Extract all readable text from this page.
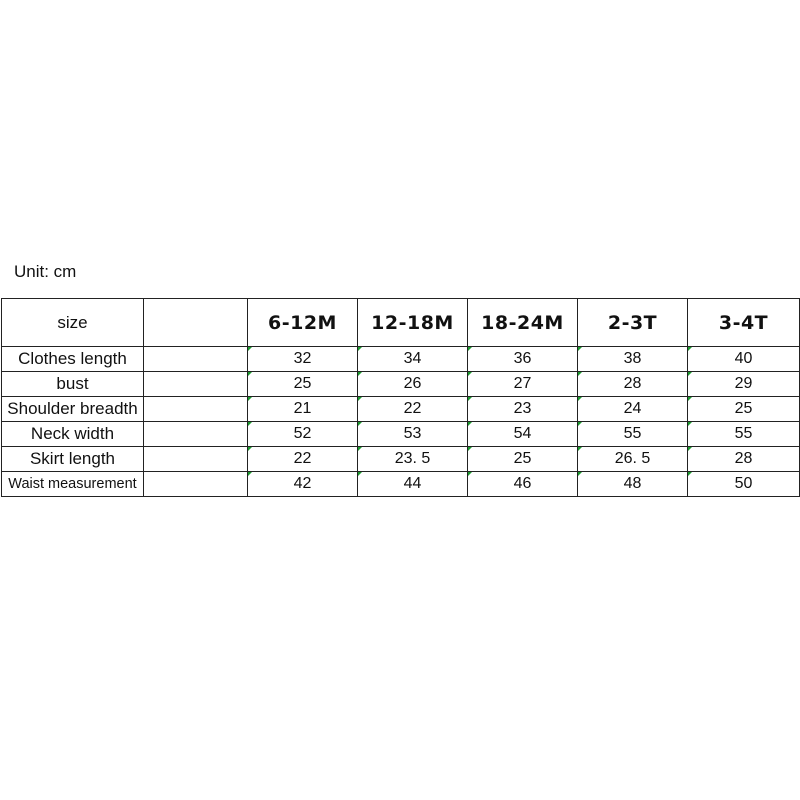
Unit: cm
size		6-12M	12-18M	18-24M	2-3T	3-4T
Clothes length		32	34	36	38	40
bust		25	26	27	28	29
Shoulder breadth		21	22	23	24	25
Neck width		52	53	54	55	55
Skirt length		22	23. 5	25	26. 5	28
Waist measurement		42	44	46	48	50
